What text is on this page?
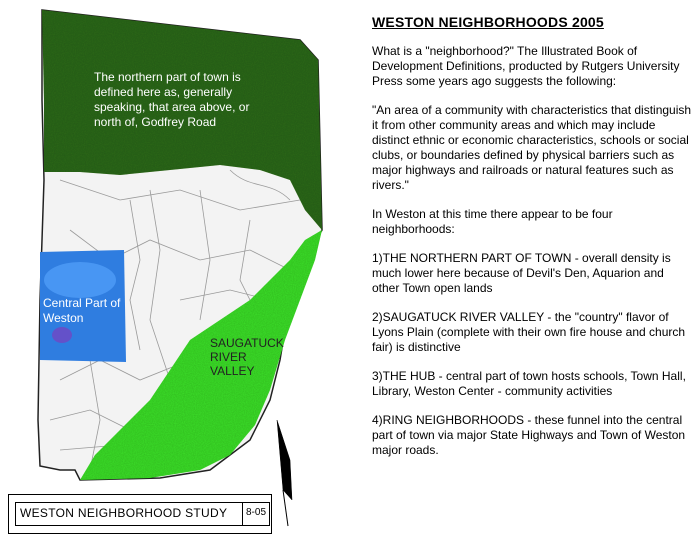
The northern part of town is defined here as, generally speaking, that area above, or north of, Godfrey Road
Central Part of Weston
SAUGATUCK
RIVER
VALLEY
WESTON NEIGHBORHOODS 2005
What is a "neighborhood?" The Illustrated Book of Development Definitions, producted by Rutgers University Press some years ago suggests the following:
"An area of a community with characteristics that distinguish it from other community areas and which may include distinct ethnic or economic characteristics, schools or social clubs, or boundaries defined by physical barriers such as major highways and railroads or natural features such as rivers."
In Weston at this time there appear to be four neighborhoods:
1)THE NORTHERN PART OF TOWN - overall density is much lower here because of Devil's Den, Aquarion and other Town open lands
2)SAUGATUCK RIVER VALLEY - the "country" flavor of Lyons Plain (complete with their own fire house and church fair) is distinctive
3)THE HUB - central part of town hosts schools, Town Hall, Library, Weston Center - community activities
4)RING NEIGHBORHOODS - these funnel into the central part of town via major State Highways and Town of Weston major roads.
WESTON NEIGHBORHOOD STUDY 8-05
